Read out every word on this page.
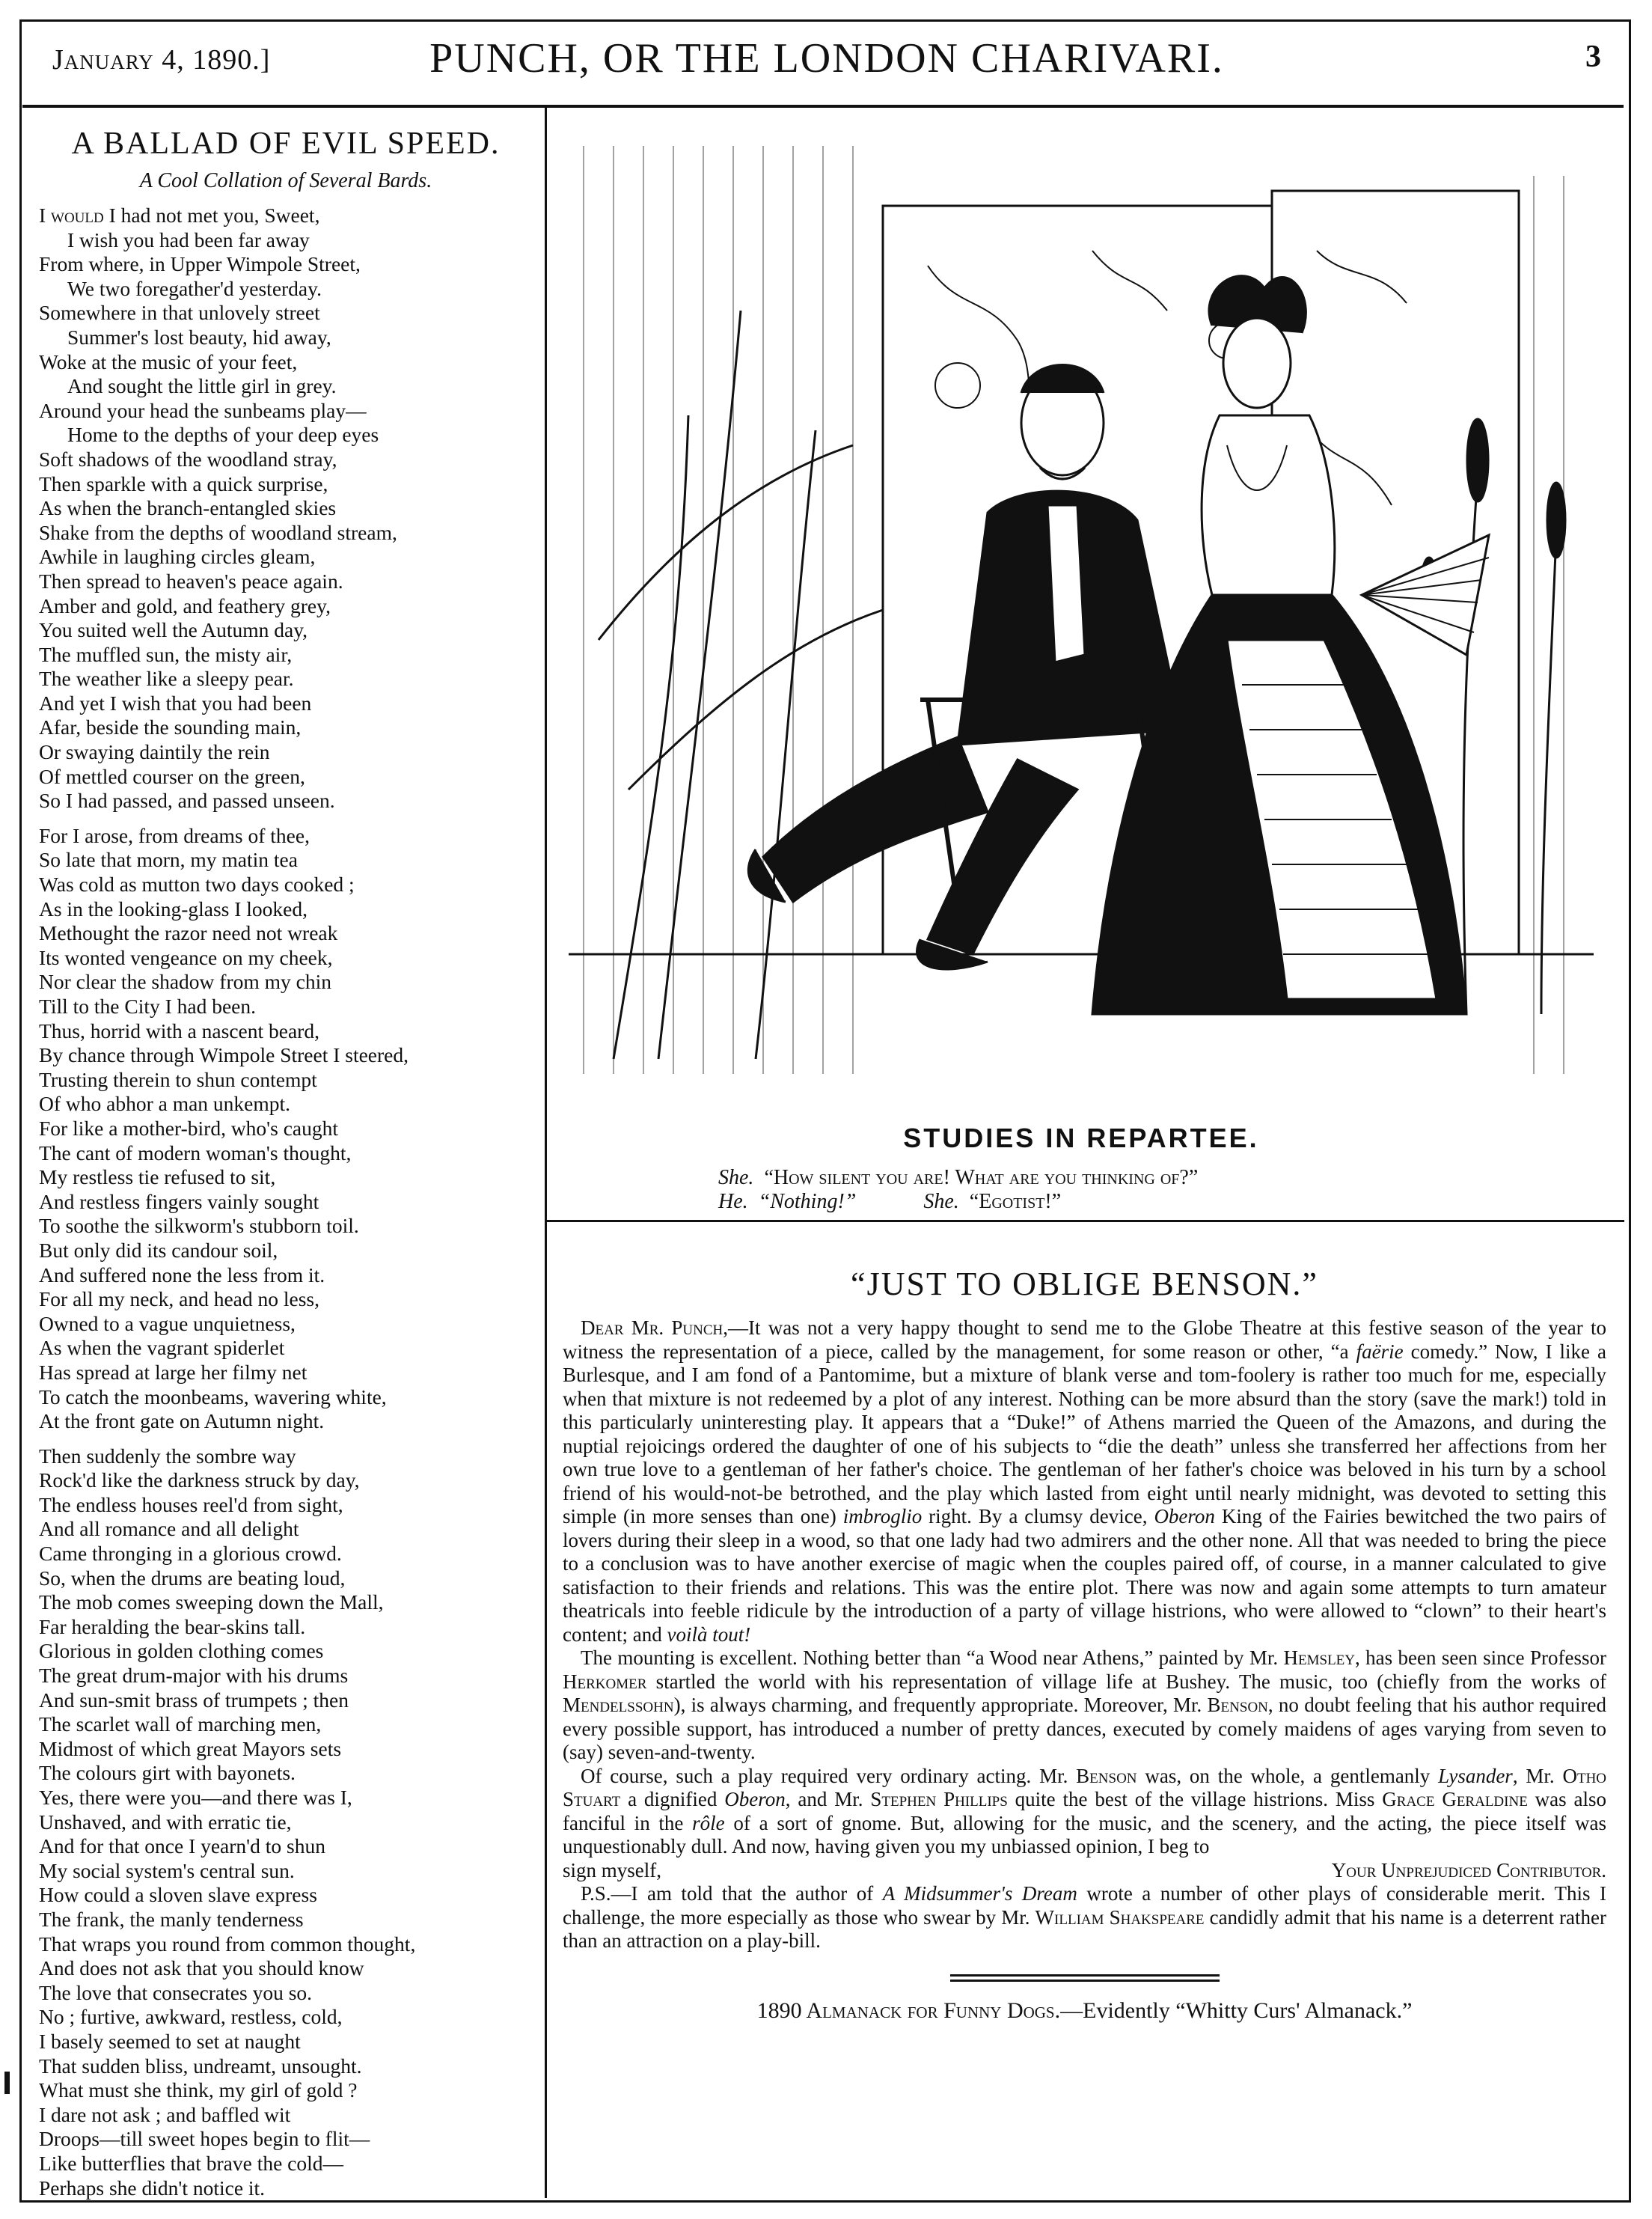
January 4, 1890.]	PUNCH, OR THE LONDON CHARIVARI.	3
A BALLAD OF EVIL SPEED.
A Cool Collation of Several Bards.
I would I had not met you, Sweet,
I wish you had been far away
From where, in Upper Wimpole Street,
We two foregather'd yesterday.
Somewhere in that unlovely street
Summer's lost beauty, hid away,
Woke at the music of your feet,
And sought the little girl in grey.
Around your head the sunbeams play—
Home to the depths of your deep eyes
Soft shadows of the woodland stray,
Then sparkle with a quick surprise,
As when the branch-entangled skies
Shake from the depths of woodland stream,
Awhile in laughing circles gleam,
Then spread to heaven's peace again.
Amber and gold, and feathery grey,
You suited well the Autumn day,
The muffled sun, the misty air,
The weather like a sleepy pear.
And yet I wish that you had been
Afar, beside the sounding main,
Or swaying daintily the rein
Of mettled courser on the green,
So I had passed, and passed unseen.
For I arose, from dreams of thee,
So late that morn, my matin tea
Was cold as mutton two days cooked ;
As in the looking-glass I looked,
Methought the razor need not wreak
Its wonted vengeance on my cheek,
Nor clear the shadow from my chin
Till to the City I had been.
Thus, horrid with a nascent beard,
By chance through Wimpole Street I steered,
Trusting therein to shun contempt
Of who abhor a man unkempt.
For like a mother-bird, who's caught
The cant of modern woman's thought,
My restless tie refused to sit,
And restless fingers vainly sought
To soothe the silkworm's stubborn toil.
But only did its candour soil,
And suffered none the less from it.
For all my neck, and head no less,
Owned to a vague unquietness,
As when the vagrant spiderlet
Has spread at large her filmy net
To catch the moonbeams, wavering white,
At the front gate on Autumn night.
Then suddenly the sombre way
Rock'd like the darkness struck by day,
The endless houses reel'd from sight,
And all romance and all delight
Came thronging in a glorious crowd.
So, when the drums are beating loud,
The mob comes sweeping down the Mall,
Far heralding the bear-skins tall.
Glorious in golden clothing comes
The great drum-major with his drums
And sun-smit brass of trumpets ; then
The scarlet wall of marching men,
Midmost of which great Mayors sets
The colours girt with bayonets.
Yes, there were you—and there was I,
Unshaved, and with erratic tie,
And for that once I yearn'd to shun
My social system's central sun.
How could a sloven slave express
The frank, the manly tenderness
That wraps you round from common thought,
And does not ask that you should know
The love that consecrates you so.
No ; furtive, awkward, restless, cold,
I basely seemed to set at naught
That sudden bliss, undreamt, unsought.
What must she think, my girl of gold ?
I dare not ask ; and baffled wit
Droops—till sweet hopes begin to flit—
Like butterflies that brave the cold—
Perhaps she didn't notice it.
STUDIES IN REPARTEE.
She. “How silent you are! What are you thinking of?”
He. “Nothing!”	She. “Egotist!”
“JUST TO OBLIGE BENSON.”

Dear Mr. Punch,—It was not a very happy thought to send me to the Globe Theatre at this festive season of the year to witness the representation of a piece, called by the management, for some reason or other, “a faërie comedy.” Now, I like a Burlesque, and I am fond of a Pantomime, but a mixture of blank verse and tom-foolery is rather too much for me, especially when that mixture is not redeemed by a plot of any interest. Nothing can be more absurd than the story (save the mark!) told in this particularly uninteresting play. It appears that a “Duke!” of Athens married the Queen of the Amazons, and during the nuptial rejoicings ordered the daughter of one of his subjects to “die the death” unless she transferred her affections from her own true love to a gentleman of her father's choice. The gentleman of her father's choice was beloved in his turn by a school friend of his would-not-be betrothed, and the play which lasted from eight until nearly midnight, was devoted to setting this simple (in more senses than one) imbroglio right. By a clumsy device, Oberon King of the Fairies bewitched the two pairs of lovers during their sleep in a wood, so that one lady had two admirers and the other none. All that was needed to bring the piece to a conclusion was to have another exercise of magic when the couples paired off, of course, in a manner calculated to give satisfaction to their friends and relations. This was the entire plot. There was now and again some attempts to turn amateur theatricals into feeble ridicule by the introduction of a party of village histrions, who were allowed to “clown” to their heart's content; and voilà tout!

The mounting is excellent. Nothing better than “a Wood near Athens,” painted by Mr. Hemsley, has been seen since Professor Herkomer startled the world with his representation of village life at Bushey. The music, too (chiefly from the works of Mendelssohn), is always charming, and frequently appropriate. Moreover, Mr. Benson, no doubt feeling that his author required every possible support, has introduced a number of pretty dances, executed by comely maidens of ages varying from seven to (say) seven-and-twenty.

Of course, such a play required very ordinary acting. Mr. Benson was, on the whole, a gentlemanly Lysander, Mr. Otho Stuart a dignified Oberon, and Mr. Stephen Phillips quite the best of the village histrions. Miss Grace Geraldine was also fanciful in the rôle of a sort of gnome. But, allowing for the music, and the scenery, and the acting, the piece itself was unquestionably dull. And now, having given you my unbiassed opinion, I beg to

sign myself,	Your Unprejudiced Contributor.

P.S.—I am told that the author of A Midsummer's Dream wrote a number of other plays of considerable merit. This I challenge, the more especially as those who swear by Mr. William Shakspeare candidly admit that his name is a deterrent rather than an attraction on a play-bill.

1890 Almanack for Funny Dogs.—Evidently “Whitty Curs' Almanack.”
